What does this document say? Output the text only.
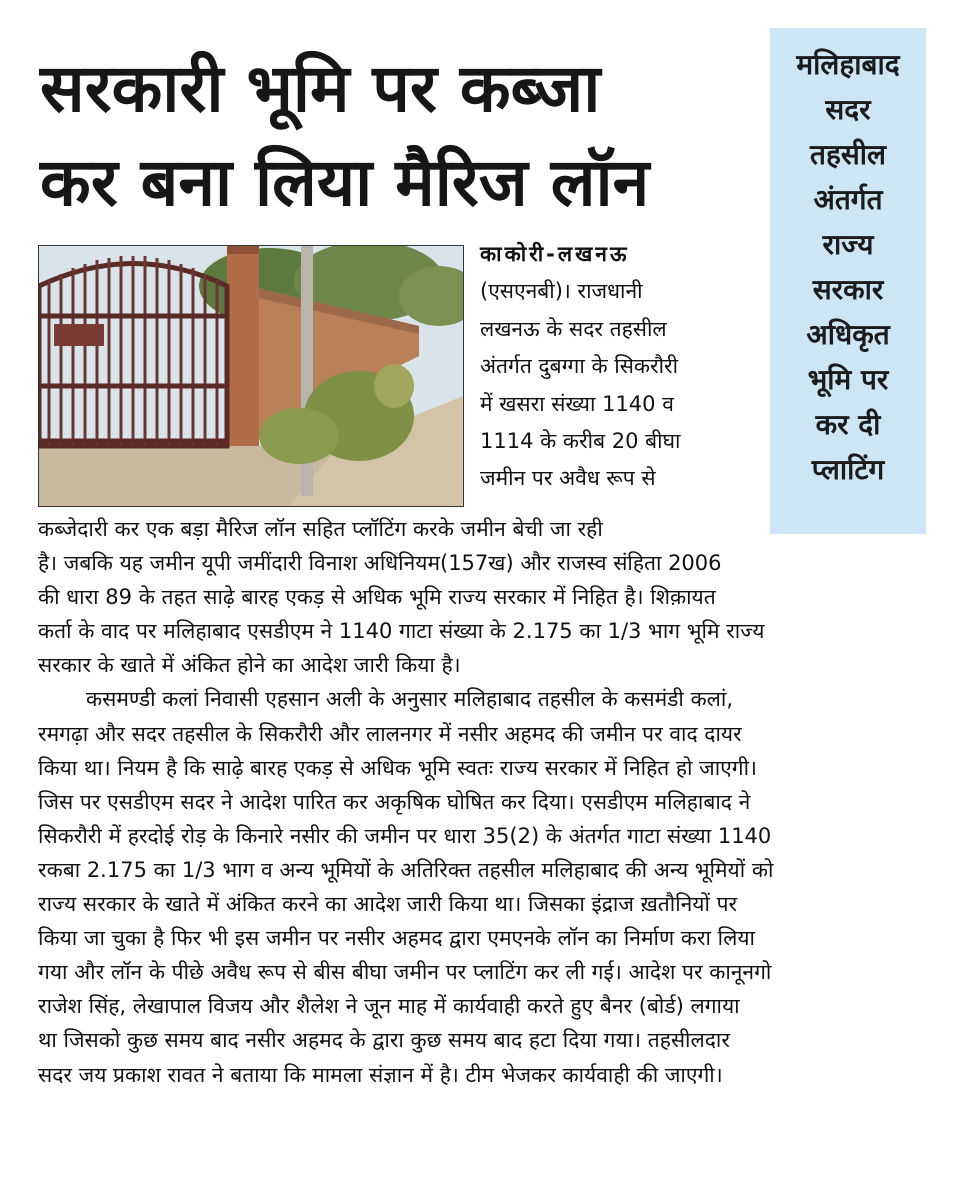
सरकारी भूमि पर कब्जा
कर बना लिया मैरिज लॉन
मलिहाबाद
सदर
तहसील
अंतर्गत
राज्य
सरकार
अधिकृत
भूमि पर
कर दी
प्लाटिंग
काकोरी-लखनऊ
(एसएनबी)। राजधानी
लखनऊ के सदर तहसील
अंतर्गत दुबग्गा के सिकरौरी
में खसरा संख्या 1140 व
1114 के करीब 20 बीघा
जमीन पर अवैध रूप से
कब्जेदारी कर एक बड़ा मैरिज लॉन सहित प्लॉटिंग करके जमीन बेची जा रही
है। जबकि यह जमीन यूपी जमींदारी विनाश अधिनियम(157ख) और राजस्व संहिता 2006
की धारा 89 के तहत साढ़े बारह एकड़ से अधिक भूमि राज्य सरकार में निहित है। शिक़ायत
कर्ता के वाद पर मलिहाबाद एसडीएम ने 1140 गाटा संख्या के 2.175 का 1/3 भाग भूमि राज्य
सरकार के खाते में अंकित होने का आदेश जारी किया है।
कसमण्डी कलां निवासी एहसान अली के अनुसार मलिहाबाद तहसील के कसमंडी कलां,
रमगढ़ा और सदर तहसील के सिकरौरी और लालनगर में नसीर अहमद की जमीन पर वाद दायर
किया था। नियम है कि साढ़े बारह एकड़ से अधिक भूमि स्वतः राज्य सरकार में निहित हो जाएगी।
जिस पर एसडीएम सदर ने आदेश पारित कर अकृषिक घोषित कर दिया। एसडीएम मलिहाबाद ने
सिकरौरी में हरदोई रोड़ के किनारे नसीर की जमीन पर धारा 35(2) के अंतर्गत गाटा संख्या 1140
रकबा 2.175 का 1/3 भाग व अन्य भूमियों के अतिरिक्त तहसील मलिहाबाद की अन्य भूमियों को
राज्य सरकार के खाते में अंकित करने का आदेश जारी किया था। जिसका इंद्राज ख़तौनियों पर
किया जा चुका है फिर भी इस जमीन पर नसीर अहमद द्वारा एमएनके लॉन का निर्माण करा लिया
गया और लॉन के पीछे अवैध रूप से बीस बीघा जमीन पर प्लाटिंग कर ली गई। आदेश पर कानूनगो
राजेश सिंह, लेखापाल विजय और शैलेश ने जून माह में कार्यवाही करते हुए बैनर (बोर्ड) लगाया
था जिसको कुछ समय बाद नसीर अहमद के द्वारा कुछ समय बाद हटा दिया गया। तहसीलदार
सदर जय प्रकाश रावत ने बताया कि मामला संज्ञान में है। टीम भेजकर कार्यवाही की जाएगी।
